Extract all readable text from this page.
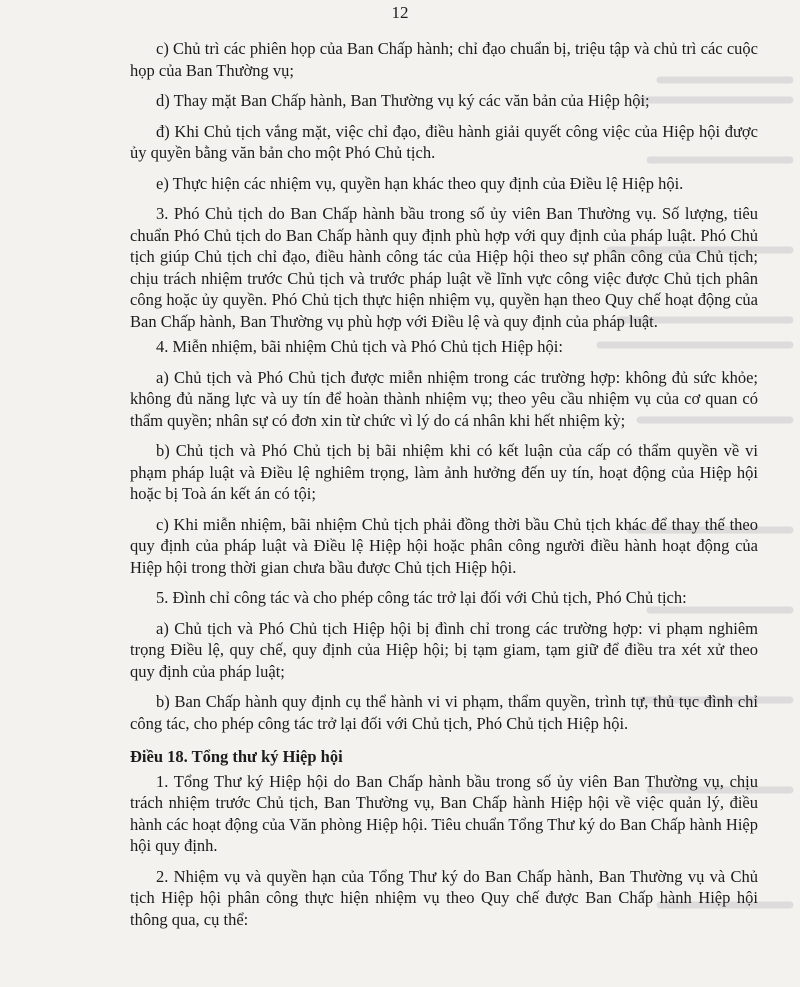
12

c) Chủ trì các phiên họp của Ban Chấp hành; chỉ đạo chuẩn bị, triệu tập và chủ trì các cuộc họp của Ban Thường vụ;

d) Thay mặt Ban Chấp hành, Ban Thường vụ ký các văn bản của Hiệp hội;

đ) Khi Chủ tịch vắng mặt, việc chỉ đạo, điều hành giải quyết công việc của Hiệp hội được ủy quyền bằng văn bản cho một Phó Chủ tịch.

e) Thực hiện các nhiệm vụ, quyền hạn khác theo quy định của Điều lệ Hiệp hội.

3. Phó Chủ tịch do Ban Chấp hành bầu trong số ủy viên Ban Thường vụ. Số lượng, tiêu chuẩn Phó Chủ tịch do Ban Chấp hành quy định phù hợp với quy định của pháp luật. Phó Chủ tịch giúp Chủ tịch chỉ đạo, điều hành công tác của Hiệp hội theo sự phân công của Chủ tịch; chịu trách nhiệm trước Chủ tịch và trước pháp luật về lĩnh vực công việc được Chủ tịch phân công hoặc ủy quyền. Phó Chủ tịch thực hiện nhiệm vụ, quyền hạn theo Quy chế hoạt động của Ban Chấp hành, Ban Thường vụ phù hợp với Điều lệ và quy định của pháp luật.

4. Miễn nhiệm, bãi nhiệm Chủ tịch và Phó Chủ tịch Hiệp hội:

a) Chủ tịch và Phó Chủ tịch được miễn nhiệm trong các trường hợp: không đủ sức khỏe; không đủ năng lực và uy tín để hoàn thành nhiệm vụ; theo yêu cầu nhiệm vụ của cơ quan có thẩm quyền; nhân sự có đơn xin từ chức vì lý do cá nhân khi hết nhiệm kỳ;

b) Chủ tịch và Phó Chủ tịch bị bãi nhiệm khi có kết luận của cấp có thẩm quyền về vi phạm pháp luật và Điều lệ nghiêm trọng, làm ảnh hưởng đến uy tín, hoạt động của Hiệp hội hoặc bị Toà án kết án có tội;

c) Khi miễn nhiệm, bãi nhiệm Chủ tịch phải đồng thời bầu Chủ tịch khác để thay thế theo quy định của pháp luật và Điều lệ Hiệp hội hoặc phân công người điều hành hoạt động của Hiệp hội trong thời gian chưa bầu được Chủ tịch Hiệp hội.

5. Đình chỉ công tác và cho phép công tác trở lại đối với Chủ tịch, Phó Chủ tịch:

a) Chủ tịch và Phó Chủ tịch Hiệp hội bị đình chỉ trong các trường hợp: vi phạm nghiêm trọng Điều lệ, quy chế, quy định của Hiệp hội; bị tạm giam, tạm giữ để điều tra xét xử theo quy định của pháp luật;

b) Ban Chấp hành quy định cụ thể hành vi vi phạm, thẩm quyền, trình tự, thủ tục đình chỉ công tác, cho phép công tác trở lại đối với Chủ tịch, Phó Chủ tịch Hiệp hội.

Điều 18. Tổng thư ký Hiệp hội

1. Tổng Thư ký Hiệp hội do Ban Chấp hành bầu trong số ủy viên Ban Thường vụ, chịu trách nhiệm trước Chủ tịch, Ban Thường vụ, Ban Chấp hành Hiệp hội về việc quản lý, điều hành các hoạt động của Văn phòng Hiệp hội. Tiêu chuẩn Tổng Thư ký do Ban Chấp hành Hiệp hội quy định.

2. Nhiệm vụ và quyền hạn của Tổng Thư ký do Ban Chấp hành, Ban Thường vụ và Chủ tịch Hiệp hội phân công thực hiện nhiệm vụ theo Quy chế được Ban Chấp hành Hiệp hội thông qua, cụ thể:
